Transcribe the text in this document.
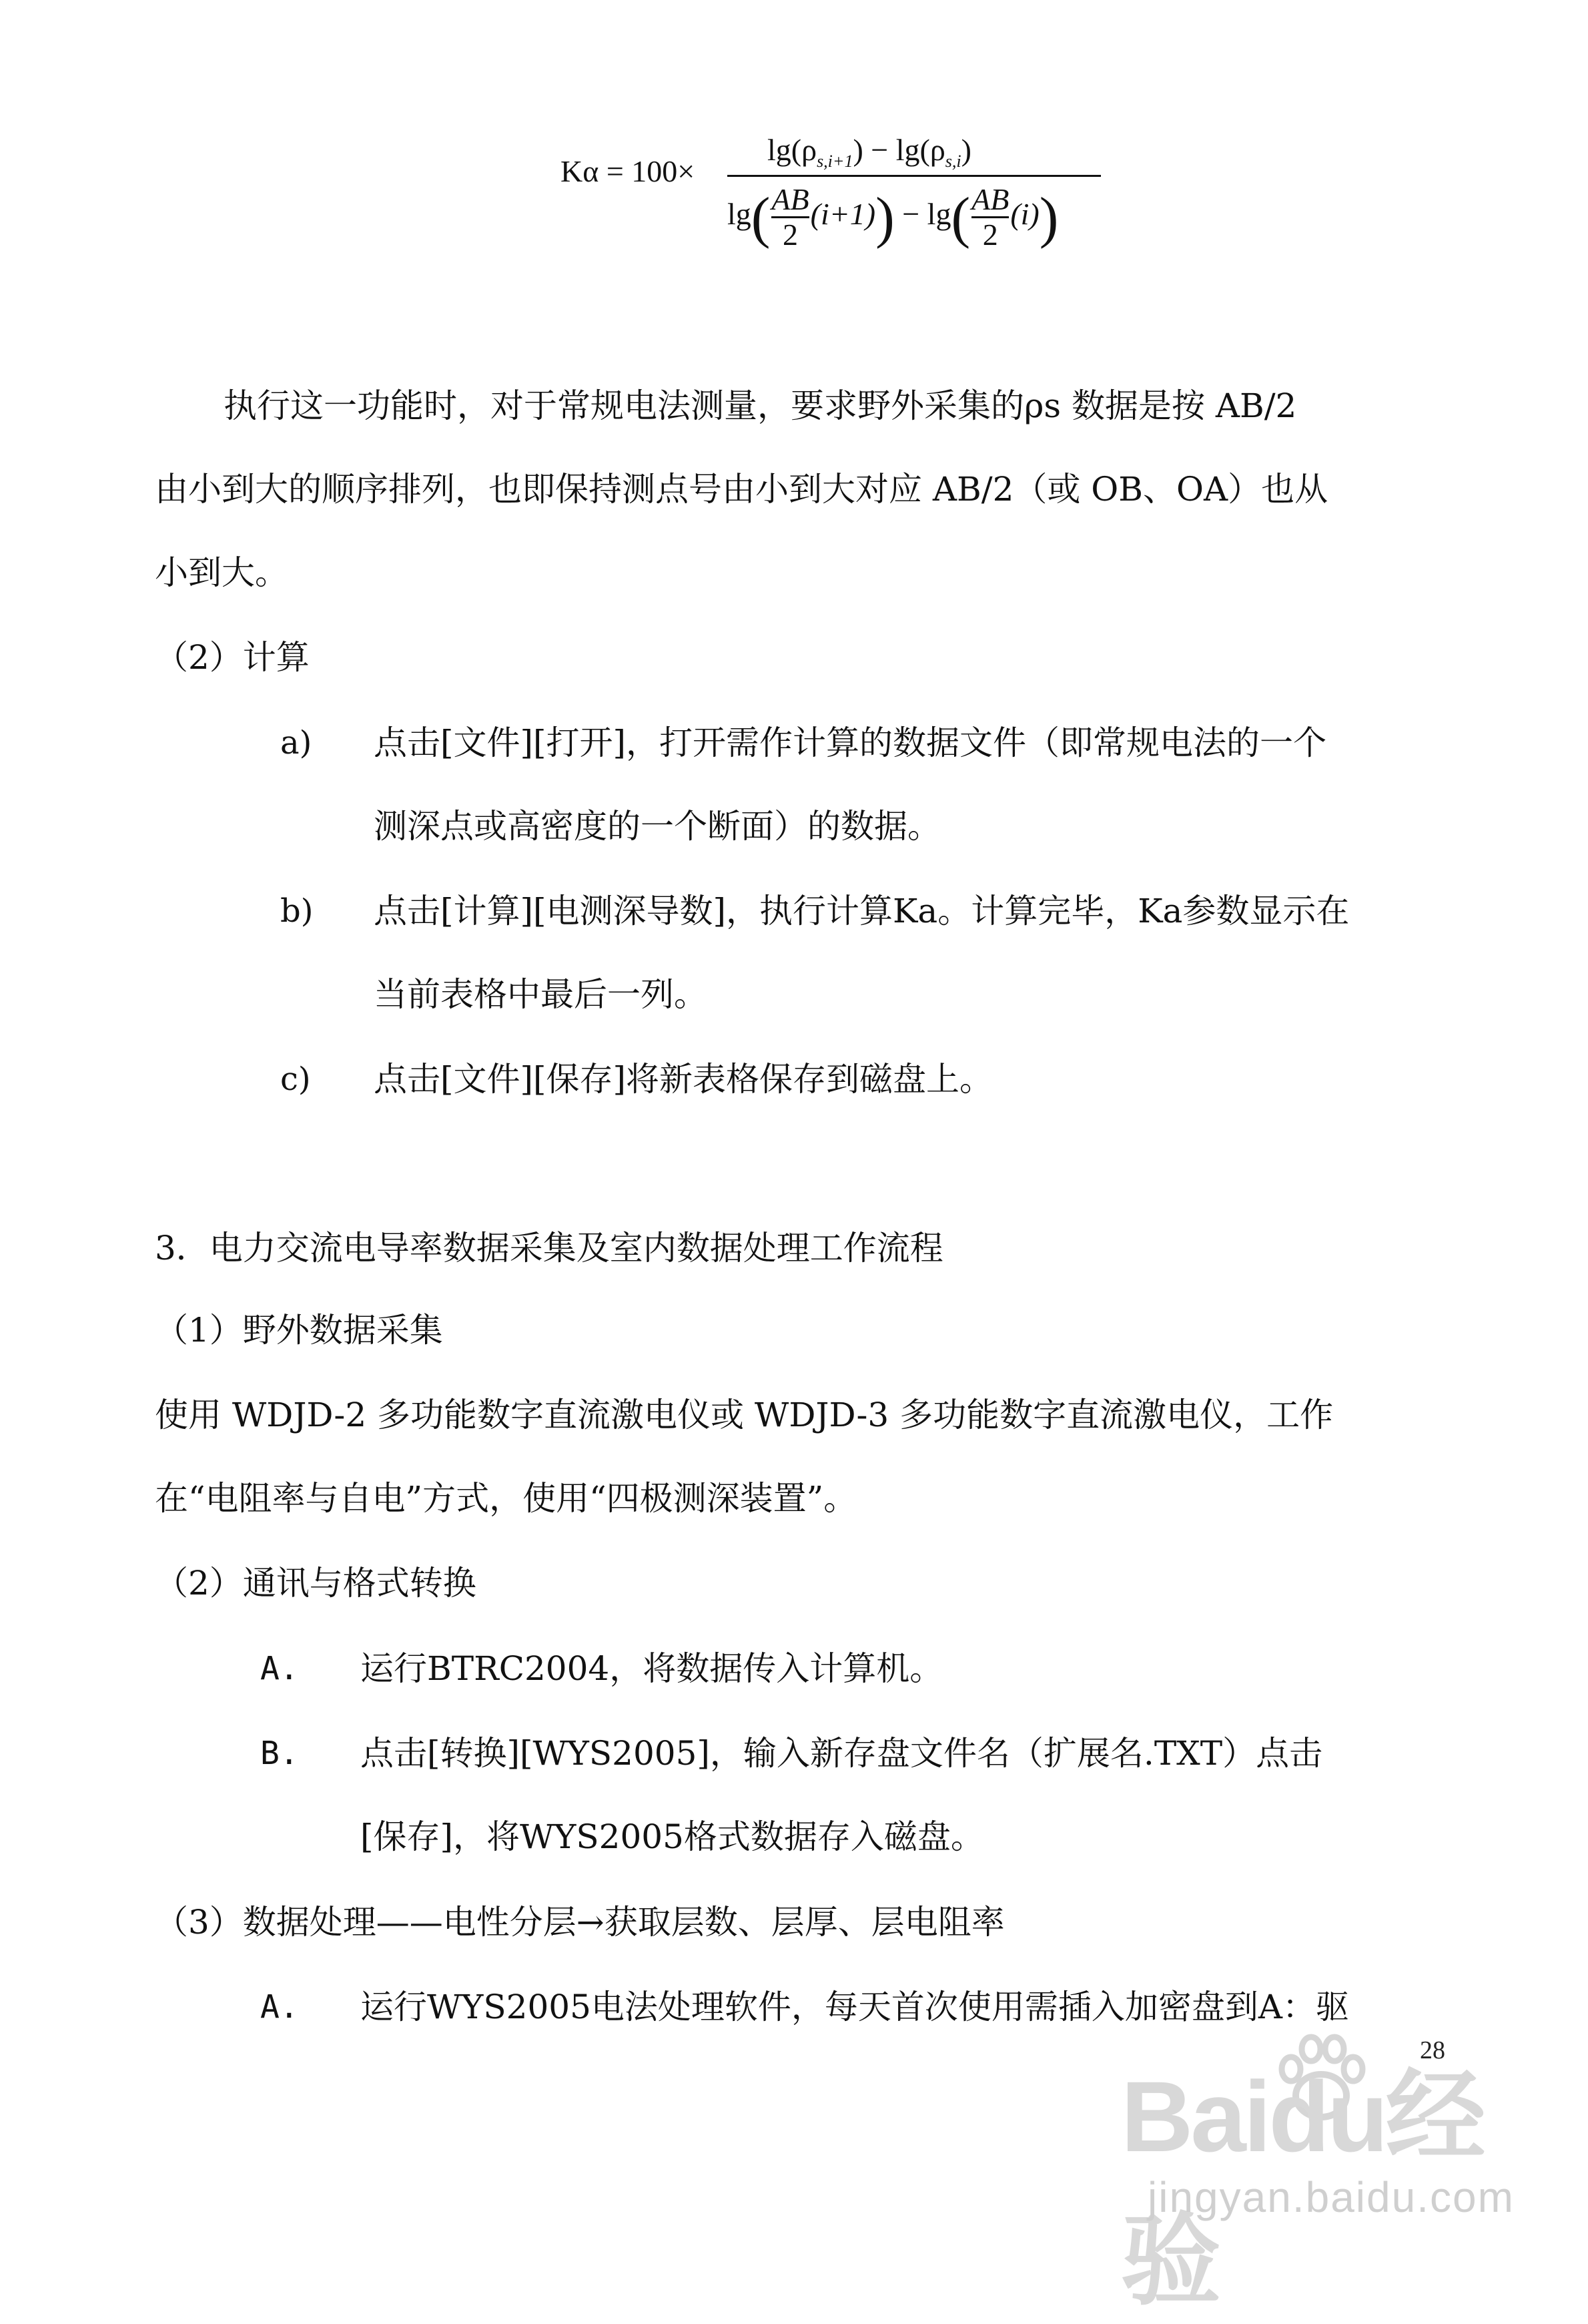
Kα = 100×
$\lg(\rho_{s,i+1}) - \lg(\rho_{s,i})$
$\lg( \frac{AB}{2} (i+1)) - \lg( \frac{AB}{2} (i))$
执行这一功能时，对于常规电法测量，要求野外采集的ρs 数据是按 AB/2
由小到大的顺序排列，也即保持测点号由小到大对应 AB/2（或 OB、OA）也从
小到大。
（2）计算
a) 点击[文件][打开]，打开需作计算的数据文件（即常规电法的一个
测深点或高密度的一个断面）的数据。
b) 点击[计算][电测深导数]，执行计算Ka。计算完毕，Ka参数显示在
当前表格中最后一列。
c) 点击[文件][保存]将新表格保存到磁盘上。
3．电力交流电导率数据采集及室内数据处理工作流程
（1）野外数据采集
使用 WDJD-2 多功能数字直流激电仪或 WDJD-3 多功能数字直流激电仪，工作
在“电阻率与自电”方式，使用“四极测深装置”。
（2）通讯与格式转换
A. 运行BTRC2004，将数据传入计算机。
B. 点击[转换][WYS2005]，输入新存盘文件名（扩展名.TXT）点击
[保存]，将WYS2005格式数据存入磁盘。
（3）数据处理——电性分层→获取层数、层厚、层电阻率
A. 运行WYS2005电法处理软件，每天首次使用需插入加密盘到A：驱
Baidu经验
jingyan.baidu.com
28
